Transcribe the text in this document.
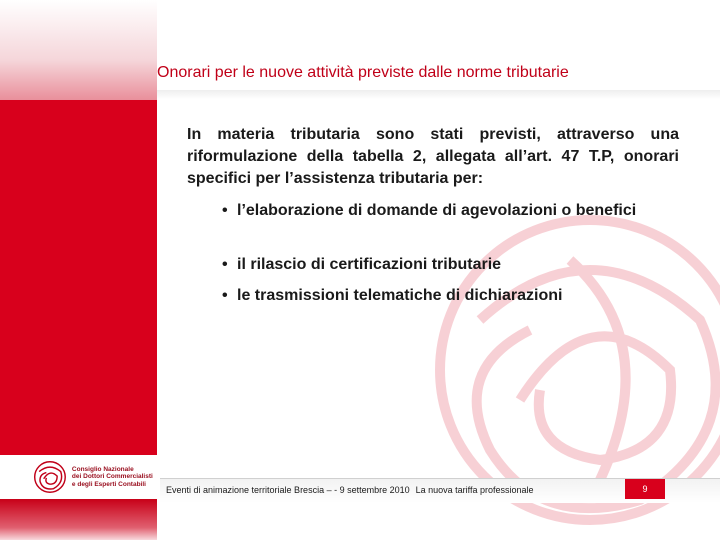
Onorari per le nuove attività previste dalle norme tributarie
In materia tributaria sono stati previsti, attraverso una riformulazione della tabella 2, allegata all’art. 47 T.P, onorari specifici per l’assistenza tributaria per:
• l’elaborazione di domande di agevolazioni o benefici
• il rilascio di certificazioni tributarie
• le trasmissioni telematiche di dichiarazioni
Consiglio Nazionale
dei Dottori Commercialisti
e degli Esperti Contabili
Eventi di animazione territoriale Brescia – - 9 settembre 2010 La nuova tariffa professionale	9
